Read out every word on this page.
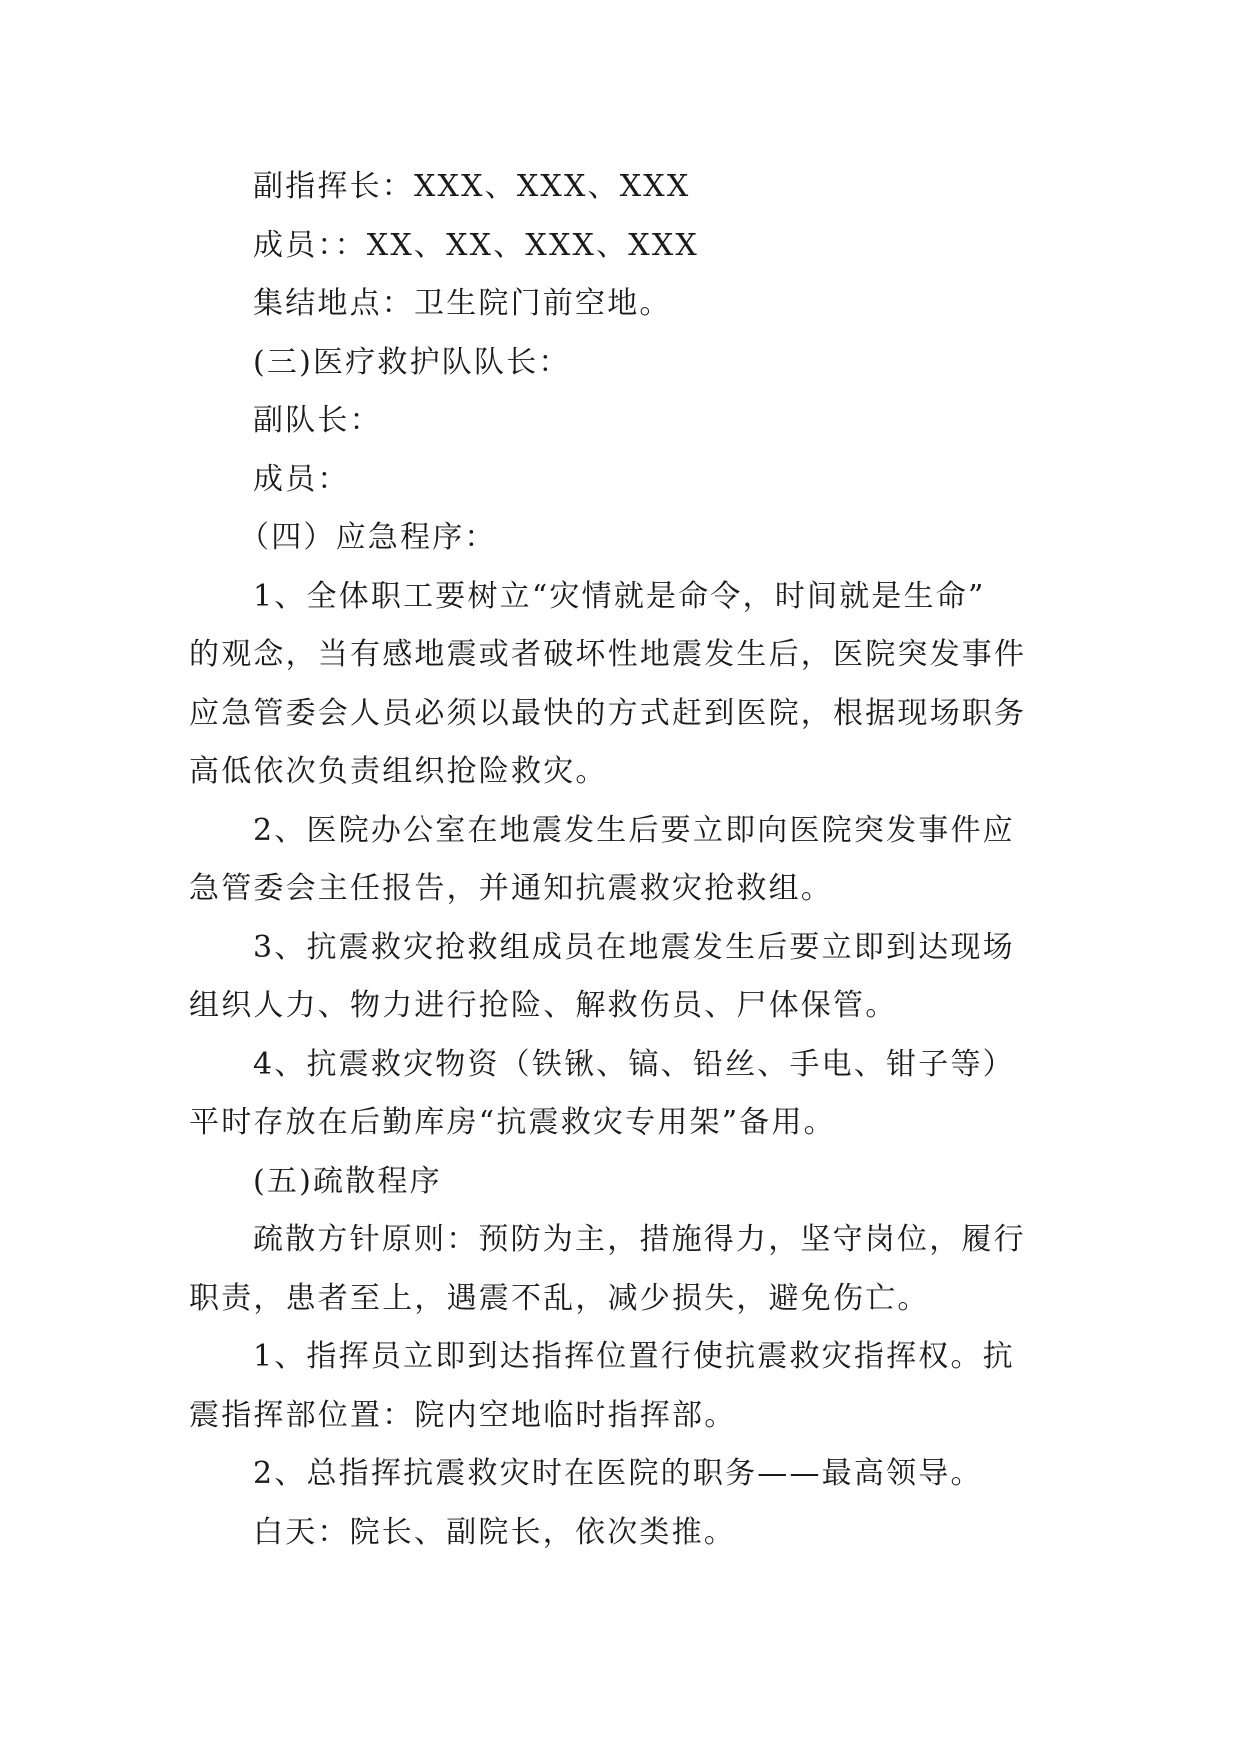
副指挥长：XXX、XXX、XXX
成员：：XX、XX、XXX、XXX
集结地点：卫生院门前空地。
(三)医疗救护队队长：
副队长：
成员：
（四）应急程序：
1、全体职工要树立“灾情就是命令，时间就是生命”
的观念，当有感地震或者破坏性地震发生后，医院突发事件
应急管委会人员必须以最快的方式赶到医院，根据现场职务
高低依次负责组织抢险救灾。
2、医院办公室在地震发生后要立即向医院突发事件应
急管委会主任报告，并通知抗震救灾抢救组。
3、抗震救灾抢救组成员在地震发生后要立即到达现场
组织人力、物力进行抢险、解救伤员、尸体保管。
4、抗震救灾物资（铁锹、镐、铅丝、手电、钳子等）
平时存放在后勤库房“抗震救灾专用架”备用。
(五)疏散程序
疏散方针原则：预防为主，措施得力，坚守岗位，履行
职责，患者至上，遇震不乱，减少损失，避免伤亡。
1、指挥员立即到达指挥位置行使抗震救灾指挥权。抗
震指挥部位置：院内空地临时指挥部。
2、总指挥抗震救灾时在医院的职务——最高领导。
白天：院长、副院长，依次类推。
